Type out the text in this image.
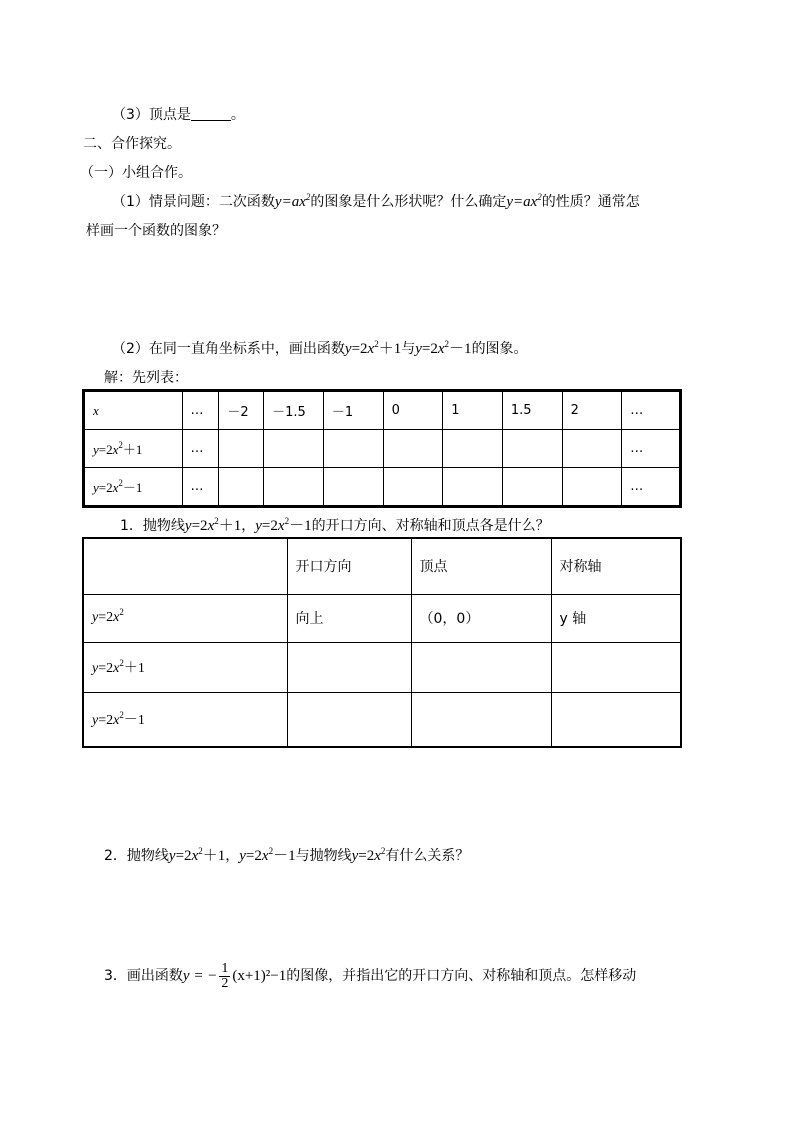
（3）顶点是	。
二、合作探究。
（一）小组合作。
（1）情景问题：二次函数$y=ax^2$的图象是什么形状呢？什么确定$y=ax^2$的性质？通常怎
样画一个函数的图象？
（2）在同一直角坐标系中，画出函数$y=2x^2+1$与$y=2x^2-1$的图象。
解：先列表：
x	…	－2	－1.5	－1	0	1	1.5	2	…
$y=2x^2+1$	…								…
$y=2x^2-1$	…								…
1．抛物线$y=2x^2+1$，$y=2x^2-1$的开口方向、对称轴和顶点各是什么？
	开口方向	顶点	对称轴
$y=2x^2$	向上	（0，0）	y 轴
$y=2x^2+1$			
$y=2x^2-1$			
2．抛物线$y=2x^2+1$，$y=2x^2-1$与抛物线$y=2x^2$有什么关系？
3．画出函数y = − $\frac{1}{2} (x+1)^2-1$的图像，并指出它的开口方向、对称轴和顶点。怎样移动
